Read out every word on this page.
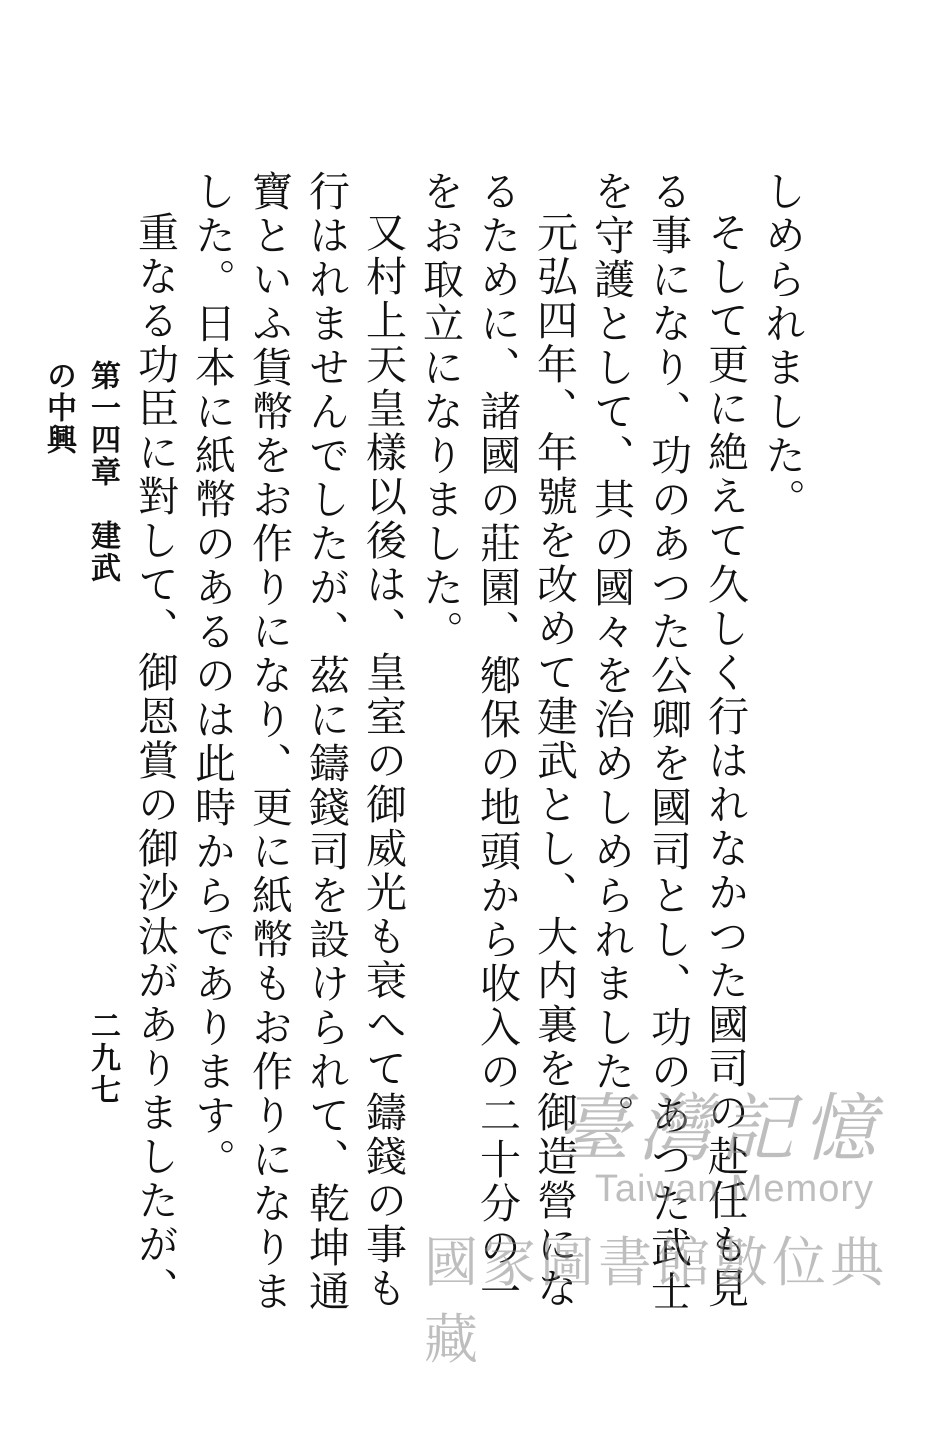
第一四章　建武の中興
二九七

しめられました。

そして更に絶えて久しく行はれなかつた國司の赴任も見る事になり、功のあつた公卿を國司とし、功のあつた武士を守護として、其の國々を治めしめられました。

元弘四年、年號を改めて建武とし、大内裏を御造營になるために、諸國の莊園、鄕保の地頭から收入の二十分の一をお取立になりました。

又村上天皇樣以後は、皇室の御威光も衰へて鑄錢の事も行はれませんでしたが、茲に鑄錢司を設けられて、乾坤通寶といふ貨幣をお作りになり、更に紙幣もお作りになりました。日本に紙幣のあるのは此時からであります。

重なる功臣に對して、御恩賞の御沙汰がありましたが、

臺灣記憶
Taiwan Memory
國家圖書館數位典藏
